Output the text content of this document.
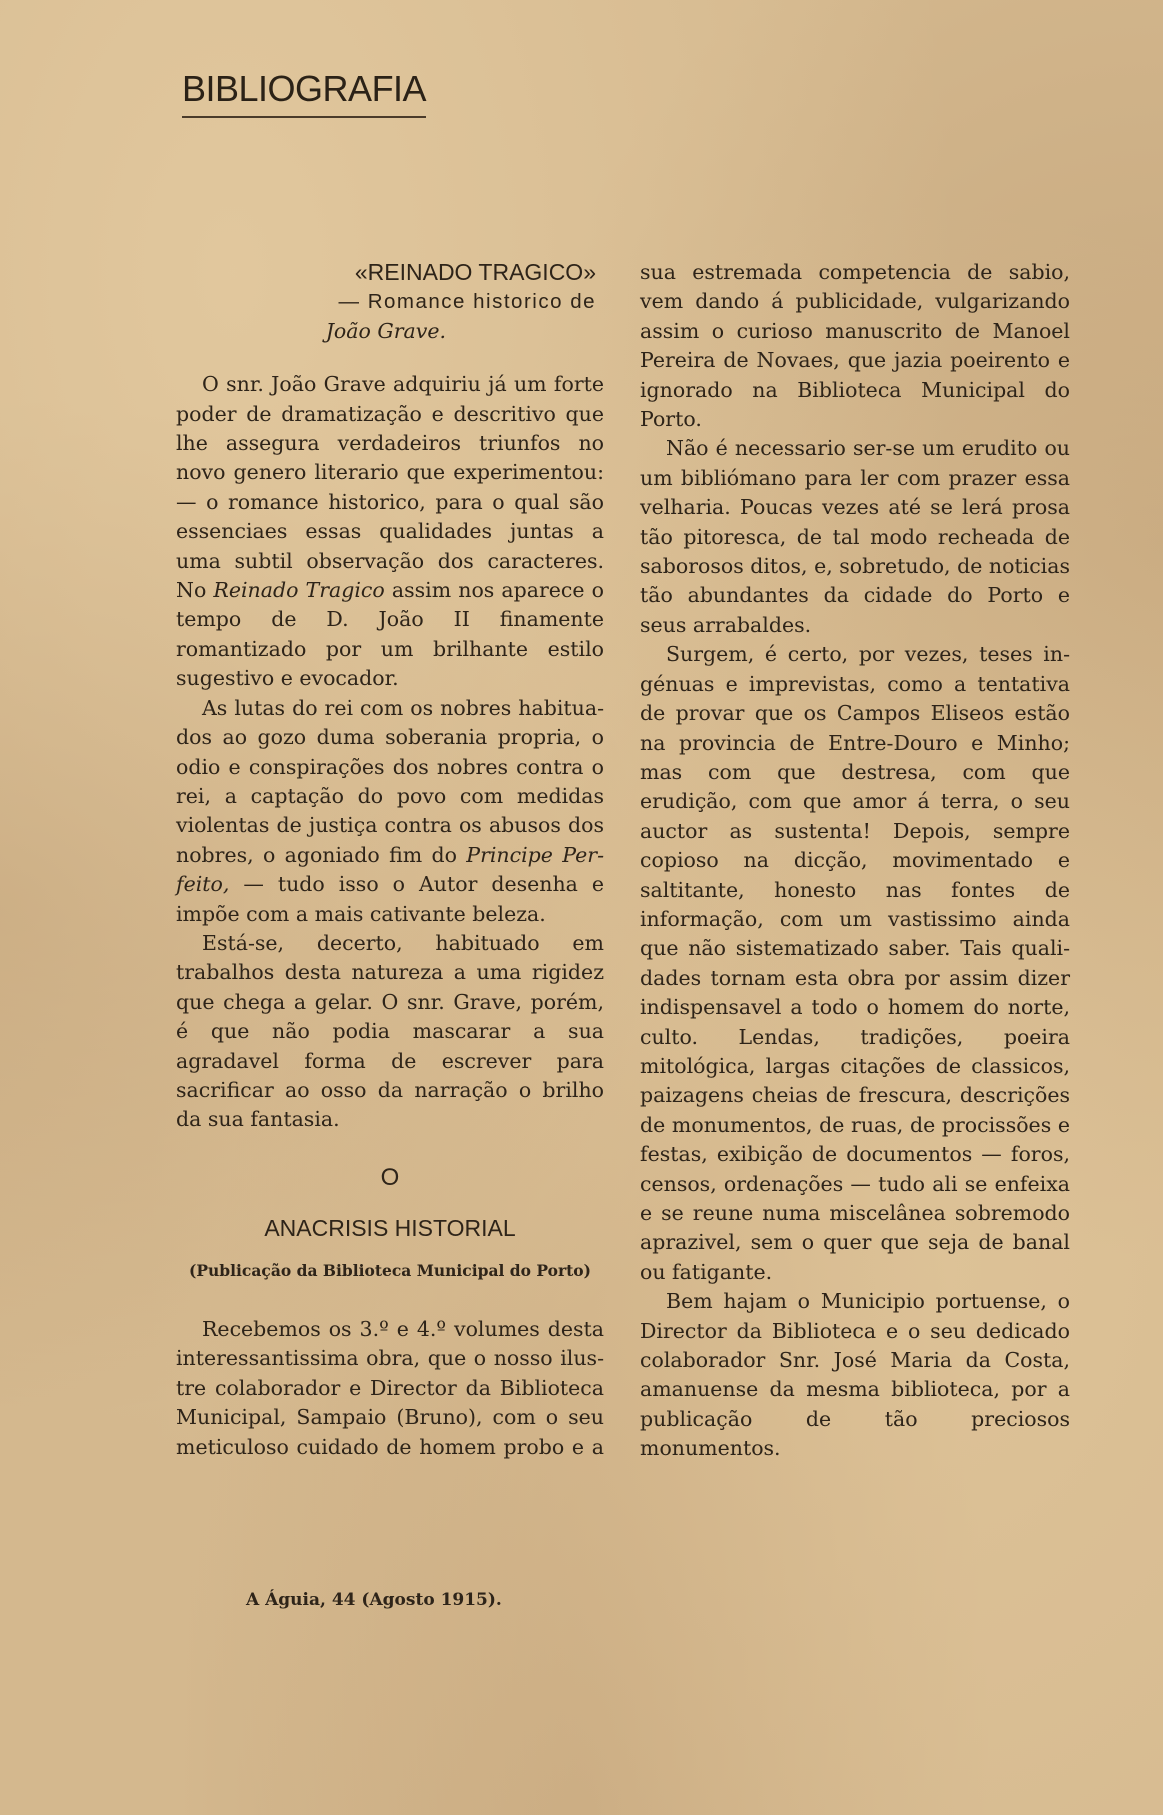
BIBLIOGRAFIA
«REINADO TRAGICO»
— Romance historico de
João Grave.

O snr. João Grave adquiriu já um forte poder de dramatização e descritivo que lhe assegura verdadeiros triunfos no novo genero literario que experimentou: — o romance historico, para o qual são essenciaes essas qualidades juntas a uma subtil observação dos caracteres. No Reinado Tragico assim nos aparece o tempo de D. João II finamente romantizado por um brilhante estilo sugestivo e evocador.

As lutas do rei com os nobres habituados ao gozo duma soberania propria, o odio e conspirações dos nobres contra o rei, a captação do povo com medidas violentas de justiça contra os abusos dos nobres, o agoniado fim do Principe Perfeito, — tudo isso o Autor desenha e impõe com a mais cativante beleza.

Está-se, decerto, habituado em trabalhos desta natureza a uma rigidez que chega a gelar. O snr. Grave, porém, é que não podia mascarar a sua agradavel forma de escrever para sacrificar ao osso da narração o brilho da sua fantasia.

O
ANACRISIS HISTORIAL
(Publicação da Biblioteca Municipal do Porto)

Recebemos os 3.º e 4.º volumes desta interessantissima obra, que o nosso ilustre colaborador e Director da Biblioteca Municipal, Sampaio (Bruno), com o seu meticuloso cuidado de homem probo e a

sua estremada competencia de sabio, vem dando á publicidade, vulgarizando assim o curioso manuscrito de Manoel Pereira de Novaes, que jazia poeirento e ignorado na Biblioteca Municipal do Porto.

Não é necessario ser-se um erudito ou um bibliómano para ler com prazer essa velharia. Poucas vezes até se lerá prosa tão pitoresca, de tal modo recheada de saborosos ditos, e, sobretudo, de noticias tão abundantes da cidade do Porto e seus arrabaldes.

Surgem, é certo, por vezes, teses ingénuas e imprevistas, como a tentativa de provar que os Campos Eliseos estão na provincia de Entre-Douro e Minho; mas com que destresa, com que erudição, com que amor á terra, o seu auctor as sustenta! Depois, sempre copioso na dicção, movimentado e saltitante, honesto nas fontes de informação, com um vastissimo ainda que não sistematizado saber. Tais qualidades tornam esta obra por assim dizer indispensavel a todo o homem do norte, culto. Lendas, tradições, poeira mitológica, largas citações de classicos, paizagens cheias de frescura, descrições de monumentos, de ruas, de procissões e festas, exibição de documentos — foros, censos, ordenações — tudo ali se enfeixa e se reune numa miscelânea sobremodo aprazivel, sem o quer que seja de banal ou fatigante.

Bem hajam o Municipio portuense, o Director da Biblioteca e o seu dedicado colaborador Snr. José Maria da Costa, amanuense da mesma biblioteca, por a publicação de tão preciosos monumentos.

A Águia, 44 (Agosto 1915).
